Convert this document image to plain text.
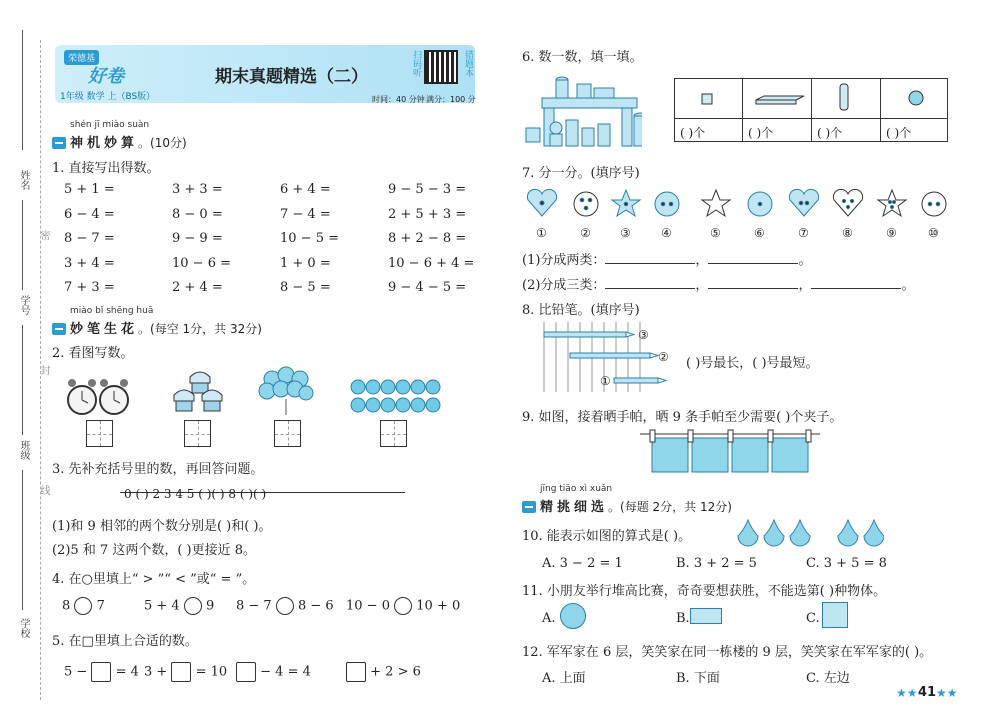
姓名
学号
班级
学校
密
封
线
荣德基
好卷
1年级 数学 上（BS版）
期末真题精选（二）	扫码听	错题本
时间：40 分钟 满分：100 分
shén jī miào suàn
神机妙算。(10分)
1. 直接写出得数。
5 + 1 =	3 + 3 =	6 + 4 =	9 − 5 − 3 =
6 − 4 =	8 − 0 =	7 − 4 =	2 + 5 + 3 =
8 − 7 =	9 − 9 =	10 − 5 =	8 + 2 − 8 =
3 + 4 =	10 − 6 =	1 + 0 =	10 − 6 + 4 =
7 + 3 =	2 + 4 =	8 − 5 =	9 − 4 − 5 =
miào bǐ shēng huā
妙笔生花。(每空 1分，共 32分)
2. 看图写数。
3. 先补充括号里的数，再回答问题。
0 ( ) 2 3 4 5 ( )( ) 8 ( )( )
(1)和 9 相邻的两个数分别是( )和( )。
(2)5 和 7 这两个数，( )更接近 8。
4. 在○里填上“ > ”“ < ”或“ = ”。
8 7	5 + 4 9 8 − 7 8 − 6 10 − 0 10 + 0
5. 在□里填上合适的数。
5 − = 4 3 + = 10	− 4 = 4	+ 2 > 6
6. 数一数，填一填。
( )个	( )个	( )个	( )个
7. 分一分。(填序号)
①	② ③	④	⑤	⑥	⑦	⑧	⑨	⑩
(1)分成两类：	，	。
(2)分成三类：	，	，	。
8. 比铅笔。(填序号)
③
②
①
( )号最长，( )号最短。
9. 如图，接着晒手帕，晒 9 条手帕至少需要( )个夹子。
jīng tiāo xì xuǎn
精挑细选。(每题 2分，共 12分)
10. 能表示如图的算式是( )。
A. 3 − 2 = 1	B. 3 + 2 = 5	C. 3 + 5 = 8
11. 小朋友举行堆高比赛，奇奇要想获胜，不能选第( )种物体。
A.	B.	C.
12. 军军家在 6 层，笑笑家在同一栋楼的 9 层，笑笑家在军军家的( )。
A. 上面	B. 下面	C. 左边
★★ 41 ★★
